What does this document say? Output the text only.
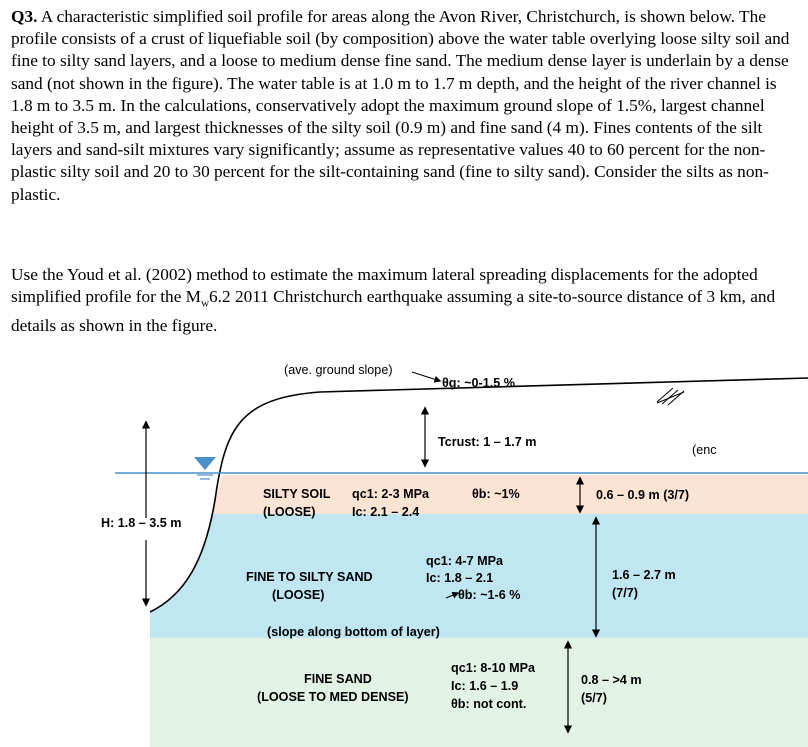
Q3. A characteristic simplified soil profile for areas along the Avon River, Christchurch, is shown below. The profile consists of a crust of liquefiable soil (by composition) above the water table overlying loose silty soil and fine to silty sand layers, and a loose to medium dense fine sand. The medium dense layer is underlain by a dense sand (not shown in the figure). The water table is at 1.0 m to 1.7 m depth, and the height of the river channel is 1.8 m to 3.5 m. In the calculations, conservatively adopt the maximum ground slope of 1.5%, largest channel height of 3.5 m, and largest thicknesses of the silty soil (0.9 m) and fine sand (4 m). Fines contents of the silt layers and sand-silt mixtures vary significantly; assume as representative values 40 to 60 percent for the non-plastic silty soil and 20 to 30 percent for the silt-containing sand (fine to silty sand). Consider the silts as non-plastic.

Use the Youd et al. (2002) method to estimate the maximum lateral spreading displacements for the adopted simplified profile for the $M_w6.2$ 2011 Christchurch earthquake assuming a site-to-source distance of 3 km, and details as shown in the figure.

(ave. ground slope)
θg: ~0-1.5 %
Tcrust: 1 – 1.7 m
(enc
H: 1.8 – 3.5 m
SILTY SOIL
(LOOSE)
qc1: 2-3 MPa
Ic: 2.1 – 2.4
θb: ~1%	0.6 – 0.9 m (3/7)
FINE TO SILTY SAND
(LOOSE)
qc1: 4-7 MPa
Ic: 1.8 – 2.1
θb: ~1-6 %
(slope along bottom of layer)
1.6 – 2.7 m
(7/7)
FINE SAND
(LOOSE TO MED DENSE)
qc1: 8-10 MPa
Ic: 1.6 – 1.9
θb: not cont.
0.8 – >4 m
(5/7)
